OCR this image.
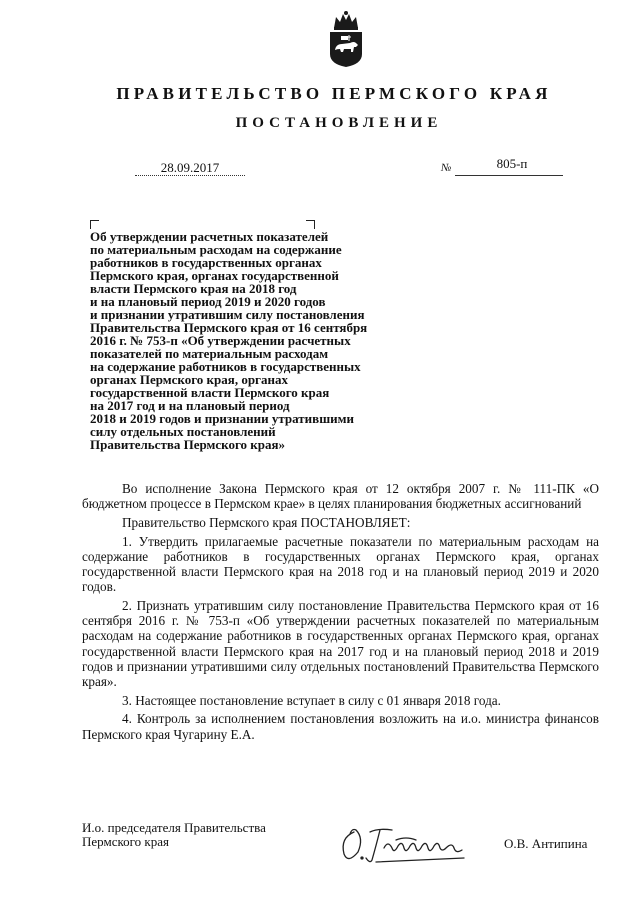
ПРАВИТЕЛЬСТВО ПЕРМСКОГО КРАЯ
ПОСТАНОВЛЕНИЕ
28.09.2017	№	805-п
Об утверждении расчетных показателей
по материальным расходам на содержание
работников в государственных органах
Пермского края, органах государственной
власти Пермского края на 2018 год
и на плановый период 2019 и 2020 годов
и признании утратившим силу постановления
Правительства Пермского края от 16 сентября
2016 г. № 753-п «Об утверждении расчетных
показателей по материальным расходам
на содержание работников в государственных
органах Пермского края, органах
государственной власти Пермского края
на 2017 год и на плановый период
2018 и 2019 годов и признании утратившими
силу отдельных постановлений
Правительства Пермского края»

Во исполнение Закона Пермского края от 12 октября 2007 г. № 111-ПК «О бюджетном процессе в Пермском крае» в целях планирования бюджетных ассигнований

Правительство Пермского края ПОСТАНОВЛЯЕТ:

1. Утвердить прилагаемые расчетные показатели по материальным расходам на содержание работников в государственных органах Пермского края, органах государственной власти Пермского края на 2018 год и на плановый период 2019 и 2020 годов.

2. Признать утратившим силу постановление Правительства Пермского края от 16 сентября 2016 г. № 753-п «Об утверждении расчетных показателей по материальным расходам на содержание работников в государственных органах Пермского края, органах государственной власти Пермского края на 2017 год и на плановый период 2018 и 2019 годов и признании утратившими силу отдельных постановлений Правительства Пермского края».

3. Настоящее постановление вступает в силу с 01 января 2018 года.

4. Контроль за исполнением постановления возложить на и.о. министра финансов Пермского края Чугарину Е.А.

И.о. председателя Правительства
Пермского края	О.В. Антипина
